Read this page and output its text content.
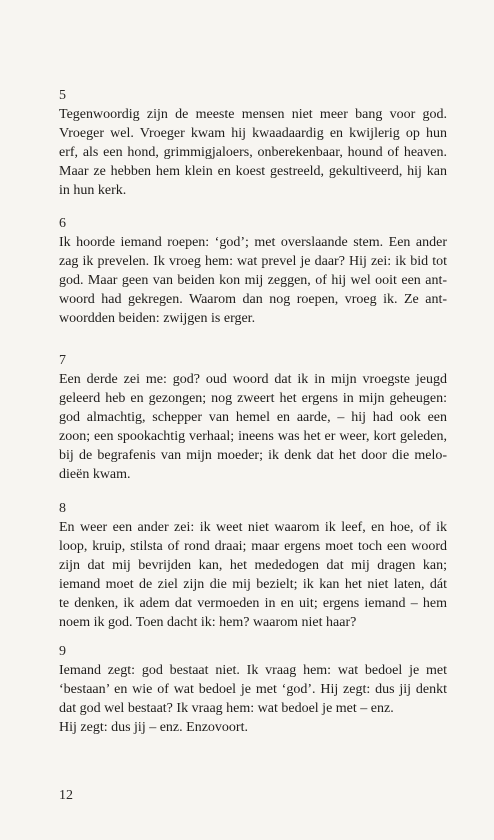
5
Tegenwoordig zijn de meeste mensen niet meer bang voor god.
Vroeger wel. Vroeger kwam hij kwaadaardig en kwijlerig op hun
erf, als een hond, grimmigjaloers, onberekenbaar, hound of heaven.
Maar ze hebben hem klein en koest gestreeld, gekultiveerd, hij kan
in hun kerk.
6
Ik hoorde iemand roepen: ‘god’; met overslaande stem. Een ander
zag ik prevelen. Ik vroeg hem: wat prevel je daar? Hij zei: ik bid tot
god. Maar geen van beiden kon mij zeggen, of hij wel ooit een ant-
woord had gekregen. Waarom dan nog roepen, vroeg ik. Ze ant-
woordden beiden: zwijgen is erger.
7
Een derde zei me: god? oud woord dat ik in mijn vroegste jeugd
geleerd heb en gezongen; nog zweert het ergens in mijn geheugen:
god almachtig, schepper van hemel en aarde, – hij had ook een
zoon; een spookachtig verhaal; ineens was het er weer, kort geleden,
bij de begrafenis van mijn moeder; ik denk dat het door die melo-
dieën kwam.
8
En weer een ander zei: ik weet niet waarom ik leef, en hoe, of ik
loop, kruip, stilsta of rond draai; maar ergens moet toch een woord
zijn dat mij bevrijden kan, het mededogen dat mij dragen kan;
iemand moet de ziel zijn die mij bezielt; ik kan het niet laten, dát
te denken, ik adem dat vermoeden in en uit; ergens iemand – hem
noem ik god. Toen dacht ik: hem? waarom niet haar?
9
Iemand zegt: god bestaat niet. Ik vraag hem: wat bedoel je met
‘bestaan’ en wie of wat bedoel je met ‘god’. Hij zegt: dus jij denkt
dat god wel bestaat? Ik vraag hem: wat bedoel je met – enz.
Hij zegt: dus jij – enz. Enzovoort.
12
